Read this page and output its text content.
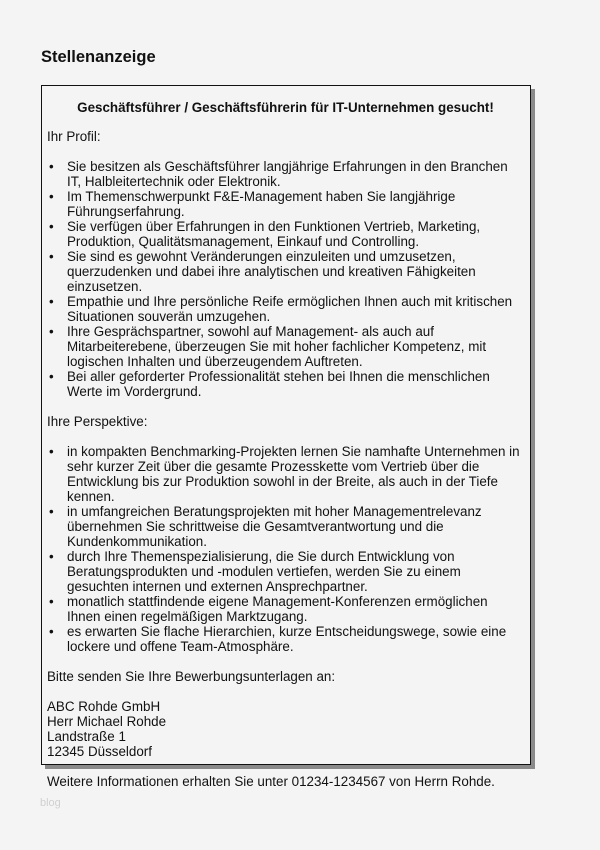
Stellenanzeige
Geschäftsführer / Geschäftsführerin für IT-Unternehmen gesucht!
Ihr Profil:
• Sie besitzen als Geschäftsführer langjährige Erfahrungen in den Branchen IT, Halbleitertechnik oder Elektronik.
• Im Themenschwerpunkt F&E-Management haben Sie langjährige Führungserfahrung.
• Sie verfügen über Erfahrungen in den Funktionen Vertrieb, Marketing, Produktion, Qualitätsmanagement, Einkauf und Controlling.
• Sie sind es gewohnt Veränderungen einzuleiten und umzusetzen, querzudenken und dabei ihre analytischen und kreativen Fähigkeiten einzusetzen.
• Empathie und Ihre persönliche Reife ermöglichen Ihnen auch mit kritischen Situationen souverän umzugehen.
• Ihre Gesprächspartner, sowohl auf Management- als auch auf Mitarbeiterebene, überzeugen Sie mit hoher fachlicher Kompetenz, mit logischen Inhalten und überzeugendem Auftreten.
• Bei aller geforderter Professionalität stehen bei Ihnen die menschlichen Werte im Vordergrund.
Ihre Perspektive:
• in kompakten Benchmarking-Projekten lernen Sie namhafte Unternehmen in sehr kurzer Zeit über die gesamte Prozesskette vom Vertrieb über die Entwicklung bis zur Produktion sowohl in der Breite, als auch in der Tiefe kennen.
• in umfangreichen Beratungsprojekten mit hoher Managementrelevanz übernehmen Sie schrittweise die Gesamtverantwortung und die Kundenkommunikation.
• durch Ihre Themenspezialisierung, die Sie durch Entwicklung von Beratungsprodukten und -modulen vertiefen, werden Sie zu einem gesuchten internen und externen Ansprechpartner.
• monatlich stattfindende eigene Management-Konferenzen ermöglichen Ihnen einen regelmäßigen Marktzugang.
• es erwarten Sie flache Hierarchien, kurze Entscheidungswege, sowie eine lockere und offene Team-Atmosphäre.
Bitte senden Sie Ihre Bewerbungsunterlagen an:
ABC Rohde GmbH
Herr Michael Rohde
Landstraße 1
12345 Düsseldorf
Weitere Informationen erhalten Sie unter 01234-1234567 von Herrn Rohde.
blog
